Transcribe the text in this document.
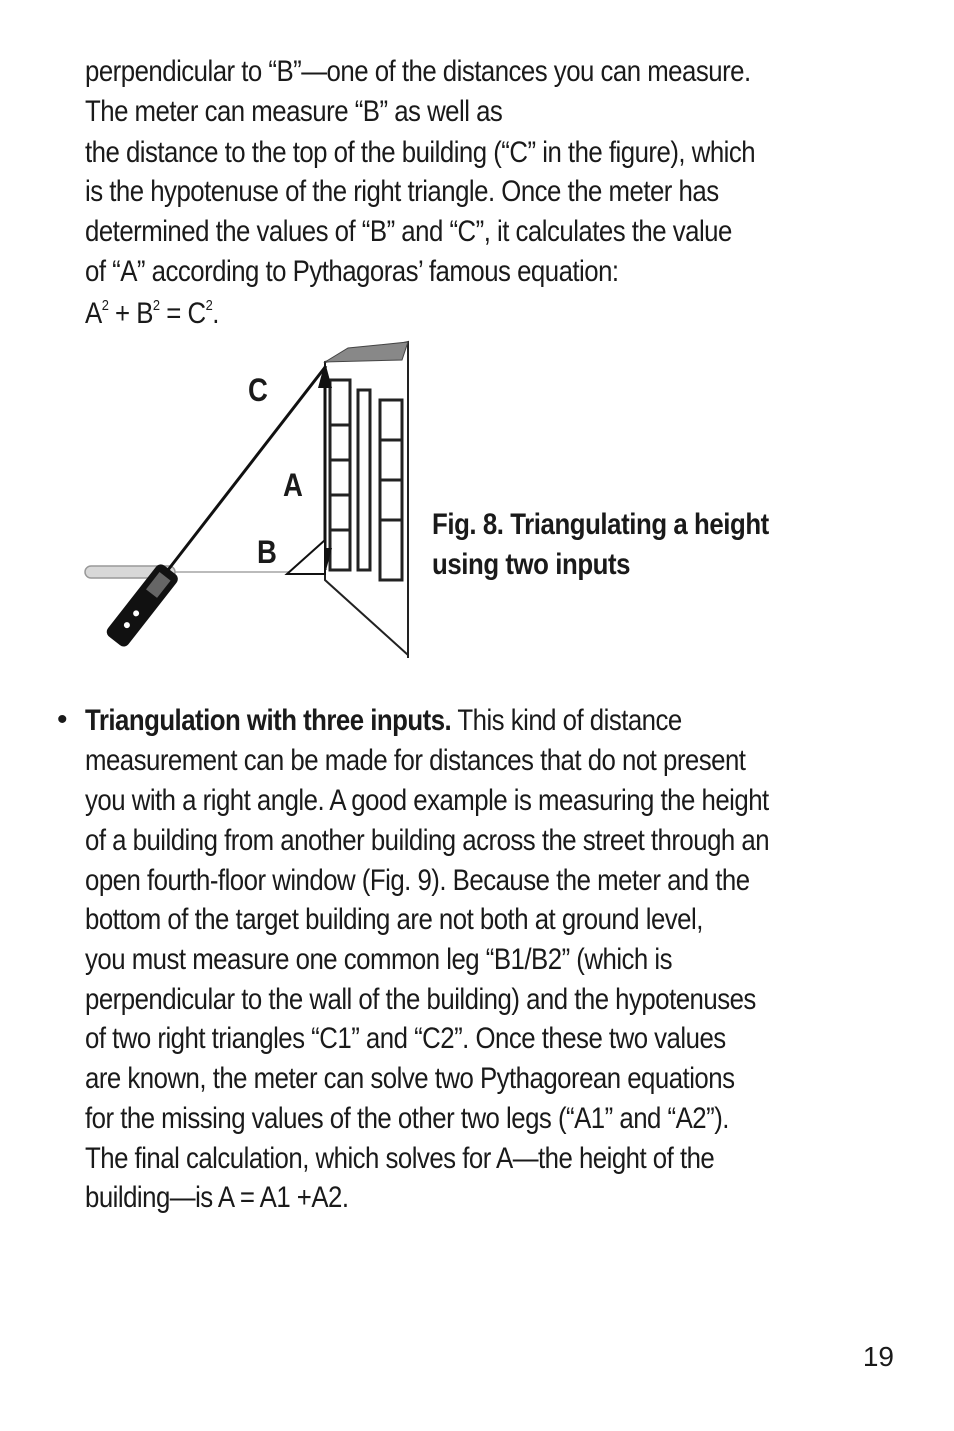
perpendicular to “B”—one of the distances you can measure.

The meter can measure “B” as well as

the distance to the top of the building (“C” in the figure), which

is the hypotenuse of the right triangle. Once the meter has

determined the values of “B” and “C”, it calculates the value

of “A” according to Pythagoras’ famous equation:

$A^2 + B^2 = C^2$.

C
A
B
Fig. 8. Triangulating a height
using two inputs
• Triangulation with three inputs. This kind of distance

measurement can be made for distances that do not present

you with a right angle. A good example is measuring the height

of a building from another building across the street through an

open fourth-floor window (Fig. 9). Because the meter and the

bottom of the target building are not both at ground level,

you must measure one common leg “B1/B2” (which is

perpendicular to the wall of the building) and the hypotenuses

of two right triangles “C1” and “C2”. Once these two values

are known, the meter can solve two Pythagorean equations

for the missing values of the other two legs (“A1” and “A2”).

The final calculation, which solves for A—the height of the

building—is A = A1 +A2.

19
